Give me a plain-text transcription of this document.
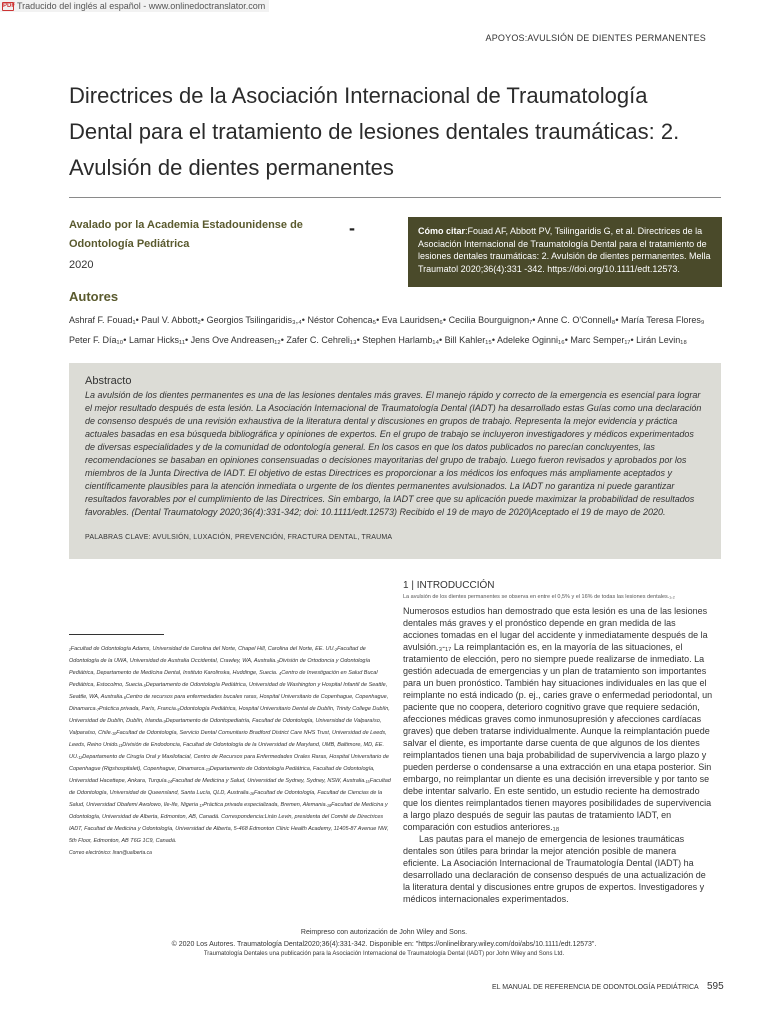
PDF Traducido del inglés al español - www.onlinedoctranslator.com
APOYOS:AVULSIÓN DE DIENTES PERMANENTES
Directrices de la Asociación Internacional de Traumatología Dental para el tratamiento de lesiones dentales traumáticas: 2. Avulsión de dientes permanentes
Avalado por la Academia Estadounidense de Odontología Pediátrica
2020
-	Cómo citar:Fouad AF, Abbott PV, Tsilingaridis G, et al. Directrices de la Asociación Internacional de Traumatología Dental para el tratamiento de lesiones dentales traumáticas: 2. Avulsión de dientes permanentes. Mella Traumatol 2020;36(4):331 -342. https://doi.org/10.1111/edt.12573.
Autores
Ashraf F. Fouad₁• Paul V. Abbott₂• Georgios Tsilingaridis₃,₄• Néstor Cohenca₅• Eva Lauridsen₆• Cecilia Bourguignon₇• Anne C. O'Connell₈• María Teresa Flores₉
Peter F. Día₁₀• Lamar Hicks₁₁• Jens Ove Andreasen₁₂• Zafer C. Cehreli₁₃• Stephen Harlamb₁₄• Bill Kahler₁₅• Adeleke Oginni₁₆• Marc Semper₁₇• Lirán Levin₁₈
Abstracto
La avulsión de los dientes permanentes es una de las lesiones dentales más graves. El manejo rápido y correcto de la emergencia es esencial para lograr el mejor resultado después de esta lesión. La Asociación Internacional de Traumatología Dental (IADT) ha desarrollado estas Guías como una declaración de consenso después de una revisión exhaustiva de la literatura dental y discusiones en grupos de trabajo. Representa la mejor evidencia y práctica actuales basadas en esa búsqueda bibliográfica y opiniones de expertos. En el grupo de trabajo se incluyeron investigadores y médicos experimentados de diversas especialidades y de la comunidad de odontología general. En los casos en que los datos publicados no parecían concluyentes, las recomendaciones se basaban en opiniones consensuadas o decisiones mayoritarias del grupo de trabajo. Luego fueron revisados y aprobados por los miembros de la Junta Directiva de IADT. El objetivo de estas Directrices es proporcionar a los médicos los enfoques más ampliamente aceptados y científicamente plausibles para la atención inmediata o urgente de los dientes permanentes avulsionados. La IADT no garantiza ni puede garantizar resultados favorables por el cumplimiento de las Directrices. Sin embargo, la IADT cree que su aplicación puede maximizar la probabilidad de resultados favorables. (Dental Traumatology 2020;36(4):331-342; doi: 10.1111/edt.12573) Recibido el 19 de mayo de 2020|Aceptado el 19 de mayo de 2020.
PALABRAS CLAVE: AVULSIÓN, LUXACIÓN, PREVENCIÓN, FRACTURA DENTAL, TRAUMA
1 | INTRODUCCIÓN
La avulsión de los dientes permanentes se observa en entre el 0,5% y el 16% de todas las lesiones dentales.₁,₂

Numerosos estudios han demostrado que esta lesión es una de las lesiones dentales más graves y el pronóstico depende en gran medida de las acciones tomadas en el lugar del accidente y inmediatamente después de la avulsión.₃-₁₇ La reimplantación es, en la mayoría de las situaciones, el tratamiento de elección, pero no siempre puede realizarse de inmediato. La gestión adecuada de emergencias y un plan de tratamiento son importantes para un buen pronóstico. También hay situaciones individuales en las que el reimplante no está indicado (p. ej., caries grave o enfermedad periodontal, un paciente que no coopera, deterioro cognitivo grave que requiere sedación, afecciones médicas graves como inmunosupresión y afecciones cardíacas graves) que deben tratarse individualmente. Aunque la reimplantación puede salvar el diente, es importante darse cuenta de que algunos de los dientes reimplantados tienen una baja probabilidad de supervivencia a largo plazo y pueden perderse o condensarse a una extracción en una etapa posterior. Sin embargo, no reimplantar un diente es una decisión irreversible y por tanto se debe intentar salvarlo. En este sentido, un estudio reciente ha demostrado que los dientes reimplantados tienen mayores posibilidades de supervivencia a largo plazo después de seguir las pautas de tratamiento IADT, en comparación con estudios anteriores.₁₈

Las pautas para el manejo de emergencia de lesiones traumáticas dentales son útiles para brindar la mejor atención posible de manera eficiente. La Asociación Internacional de Traumatología Dental (IADT) ha desarrollado una declaración de consenso después de una actualización de la literatura dental y discusiones entre grupos de expertos. Investigadores y médicos internacionales experimentados.

₁Facultad de Odontología Adams, Universidad de Carolina del Norte, Chapel Hill, Carolina del Norte, EE. UU.₂Facultad de Odontología de la UWA, Universidad de Australia Occidental, Crawley, WA, Australia.₃División de Ortodoncia y Odontología Pediátrica, Departamento de Medicina Dental, Instituto Karolinska, Huddinge, Suecia. ₄Centro de Investigación en Salud Bucal Pediátrica, Estocolmo, Suecia.₅Departamento de Odontología Pediátrica, Universidad de Washington y Hospital Infantil de Seattle, Seattle, WA, Australia.₆Centro de recursos para enfermedades bucales raras, Hospital Universitario de Copenhague, Copenhague, Dinamarca.₇Práctica privada, París, Francia.₈Odontología Pediátrica, Hospital Universitario Dental de Dublín, Trinity College Dublín, Universidad de Dublín, Dublín, Irlanda.₉Departamento de Odontopediatría, Facultad de Odontología, Universidad de Valparaíso, Valparaíso, Chile.₁₀Facultad de Odontología, Servicio Dental Comunitario Bradford District Care NHS Trust, Universidad de Leeds, Leeds, Reino Unido.₁₁División de Endodoncia, Facultad de Odontología de la Universidad de Maryland, UMB, Baltimore, MD, EE. UU.₁₂Departamento de Cirugía Oral y Maxilofacial, Centro de Recursos para Enfermedades Orales Raras, Hospital Universitario de Copenhague (Rigshospitalet), Copenhague, Dinamarca.₁₃Departamento de Odontología Pediátrica, Facultad de Odontología, Universidad Hacettepe, Ankara, Turquía.₁₄Facultad de Medicina y Salud, Universidad de Sydney, Sydney, NSW, Australia.₁₅Facultad de Odontología, Universidad de Queensland, Santa Lucía, QLD, Australia.₁₆Facultad de Odontología, Facultad de Ciencias de la Salud, Universidad Obafemi Awolowo, Ile-Ife, Nigeria ₁₇Práctica privada especializada, Bremen, Alemania.₁₈Facultad de Medicina y Odontología, Universidad de Alberta, Edmonton, AB, Canadá. Correspondencia:Lirán Levin, presidenta del Comité de Directrices IADT, Facultad de Medicina y Odontología, Universidad de Alberta, 5-468 Edmonton Clinic Health Academy, 11405-87 Avenue NW, 5th Floor, Edmonton, AB T6G 1C9, Canadá.
Correo electrónico: liran@ualberta.ca
Reimpreso con autorización de John Wiley and Sons.
© 2020 Los Autores. Traumatología Dental2020;36(4):331-342. Disponible en: "https://onlinelibrary.wiley.com/doi/abs/10.1111/edt.12573".
Traumatología Dentales una publicación para la Asociación Internacional de Traumatología Dental (IADT) por John Wiley and Sons Ltd.
EL MANUAL DE REFERENCIA DE ODONTOLOGÍA PEDIÁTRICA 595
